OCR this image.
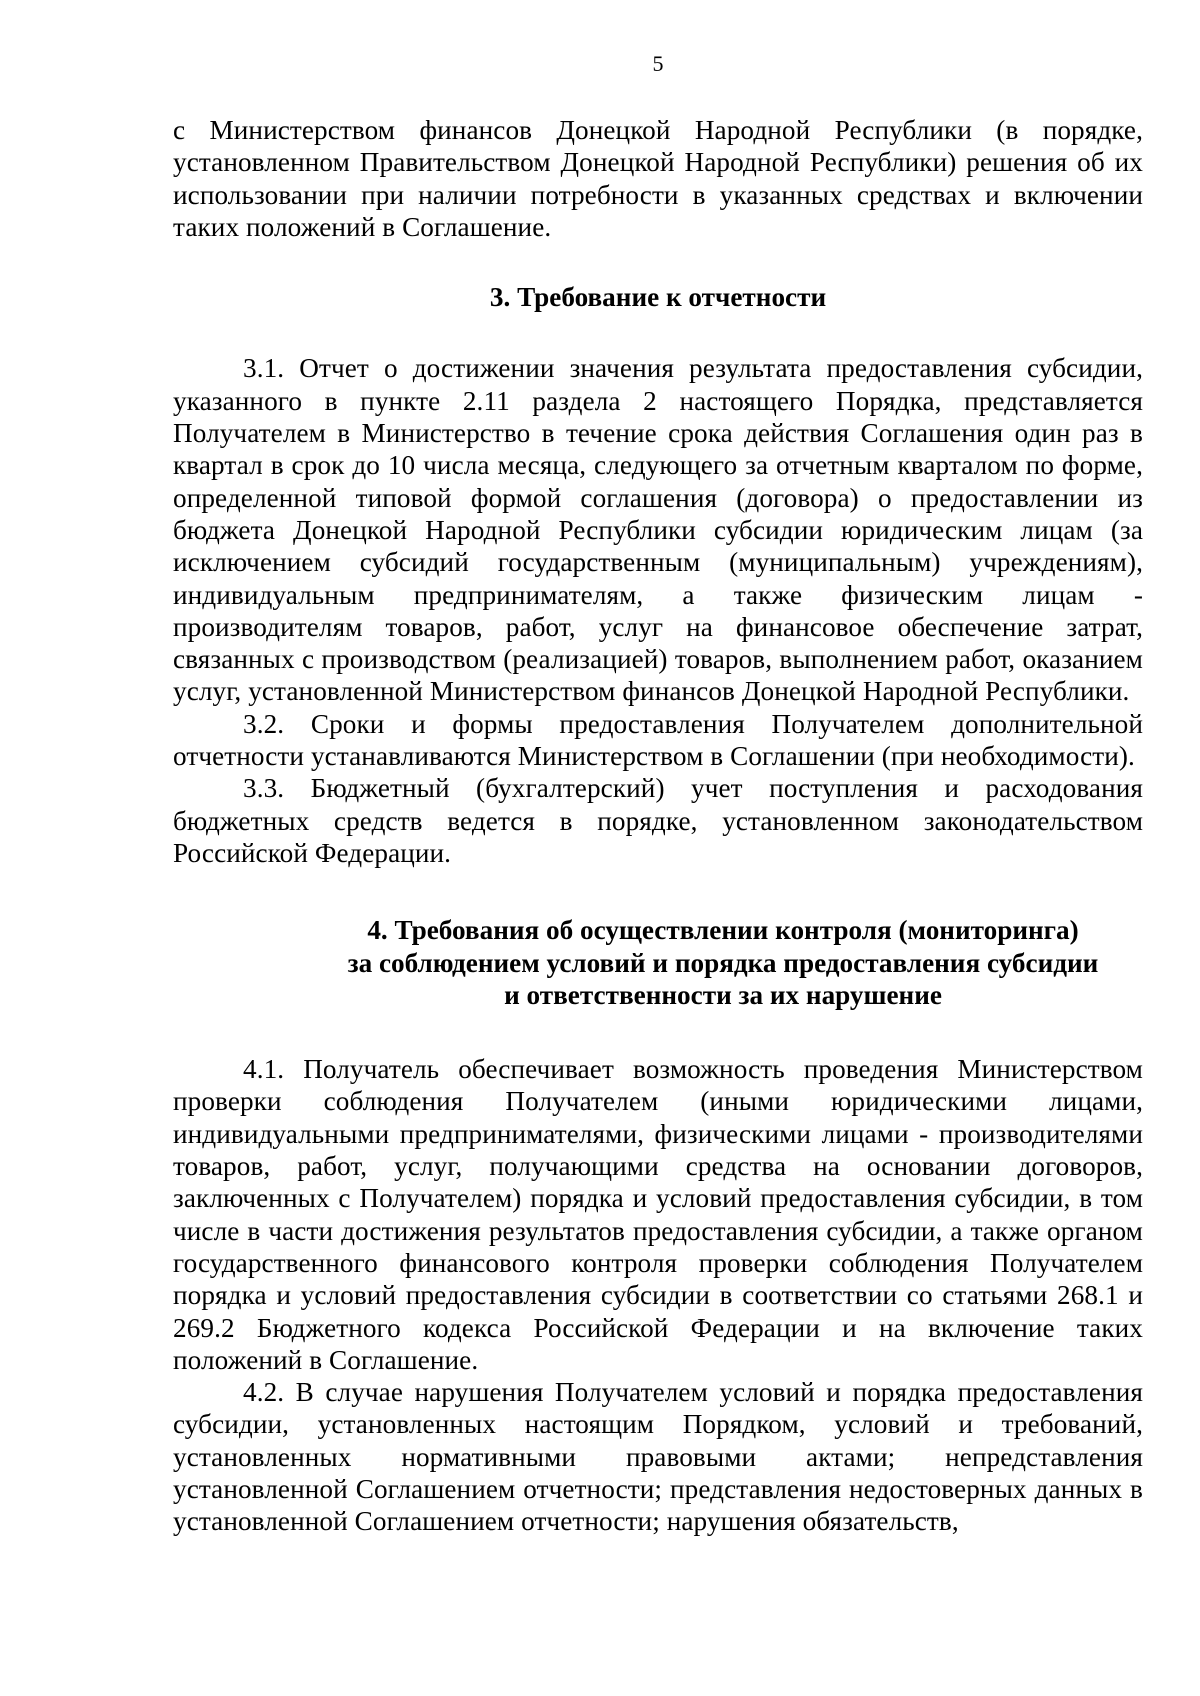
5

с Министерством финансов Донецкой Народной Республики (в порядке, установленном Правительством Донецкой Народной Республики) решения об их использовании при наличии потребности в указанных средствах и включении таких положений в Соглашение.

3. Требование к отчетности

3.1. Отчет о достижении значения результата предоставления субсидии, указанного в пункте 2.11 раздела 2 настоящего Порядка, представляется Получателем в Министерство в течение срока действия Соглашения один раз в квартал в срок до 10 числа месяца, следующего за отчетным кварталом по форме, определенной типовой формой соглашения (договора) о предоставлении из бюджета Донецкой Народной Республики субсидии юридическим лицам (за исключением субсидий государственным (муниципальным) учреждениям), индивидуальным предпринимателям, а также физическим лицам - производителям товаров, работ, услуг на финансовое обеспечение затрат, связанных с производством (реализацией) товаров, выполнением работ, оказанием услуг, установленной Министерством финансов Донецкой Народной Республики.

3.2. Сроки и формы предоставления Получателем дополнительной отчетности устанавливаются Министерством в Соглашении (при необходимости).

3.3. Бюджетный (бухгалтерский) учет поступления и расходования бюджетных средств ведется в порядке, установленном законодательством Российской Федерации.

4. Требования об осуществлении контроля (мониторинга)
за соблюдением условий и порядка предоставления субсидии
и ответственности за их нарушение

4.1. Получатель обеспечивает возможность проведения Министерством проверки соблюдения Получателем (иными юридическими лицами, индивидуальными предпринимателями, физическими лицами - производителями товаров, работ, услуг, получающими средства на основании договоров, заключенных с Получателем) порядка и условий предоставления субсидии, в том числе в части достижения результатов предоставления субсидии, а также органом государственного финансового контроля проверки соблюдения Получателем порядка и условий предоставления субсидии в соответствии со статьями 268.1 и 269.2 Бюджетного кодекса Российской Федерации и на включение таких положений в Соглашение.

4.2. В случае нарушения Получателем условий и порядка предоставления субсидии, установленных настоящим Порядком, условий и требований, установленных нормативными правовыми актами; непредставления установленной Соглашением отчетности; представления недостоверных данных в установленной Соглашением отчетности; нарушения обязательств,
